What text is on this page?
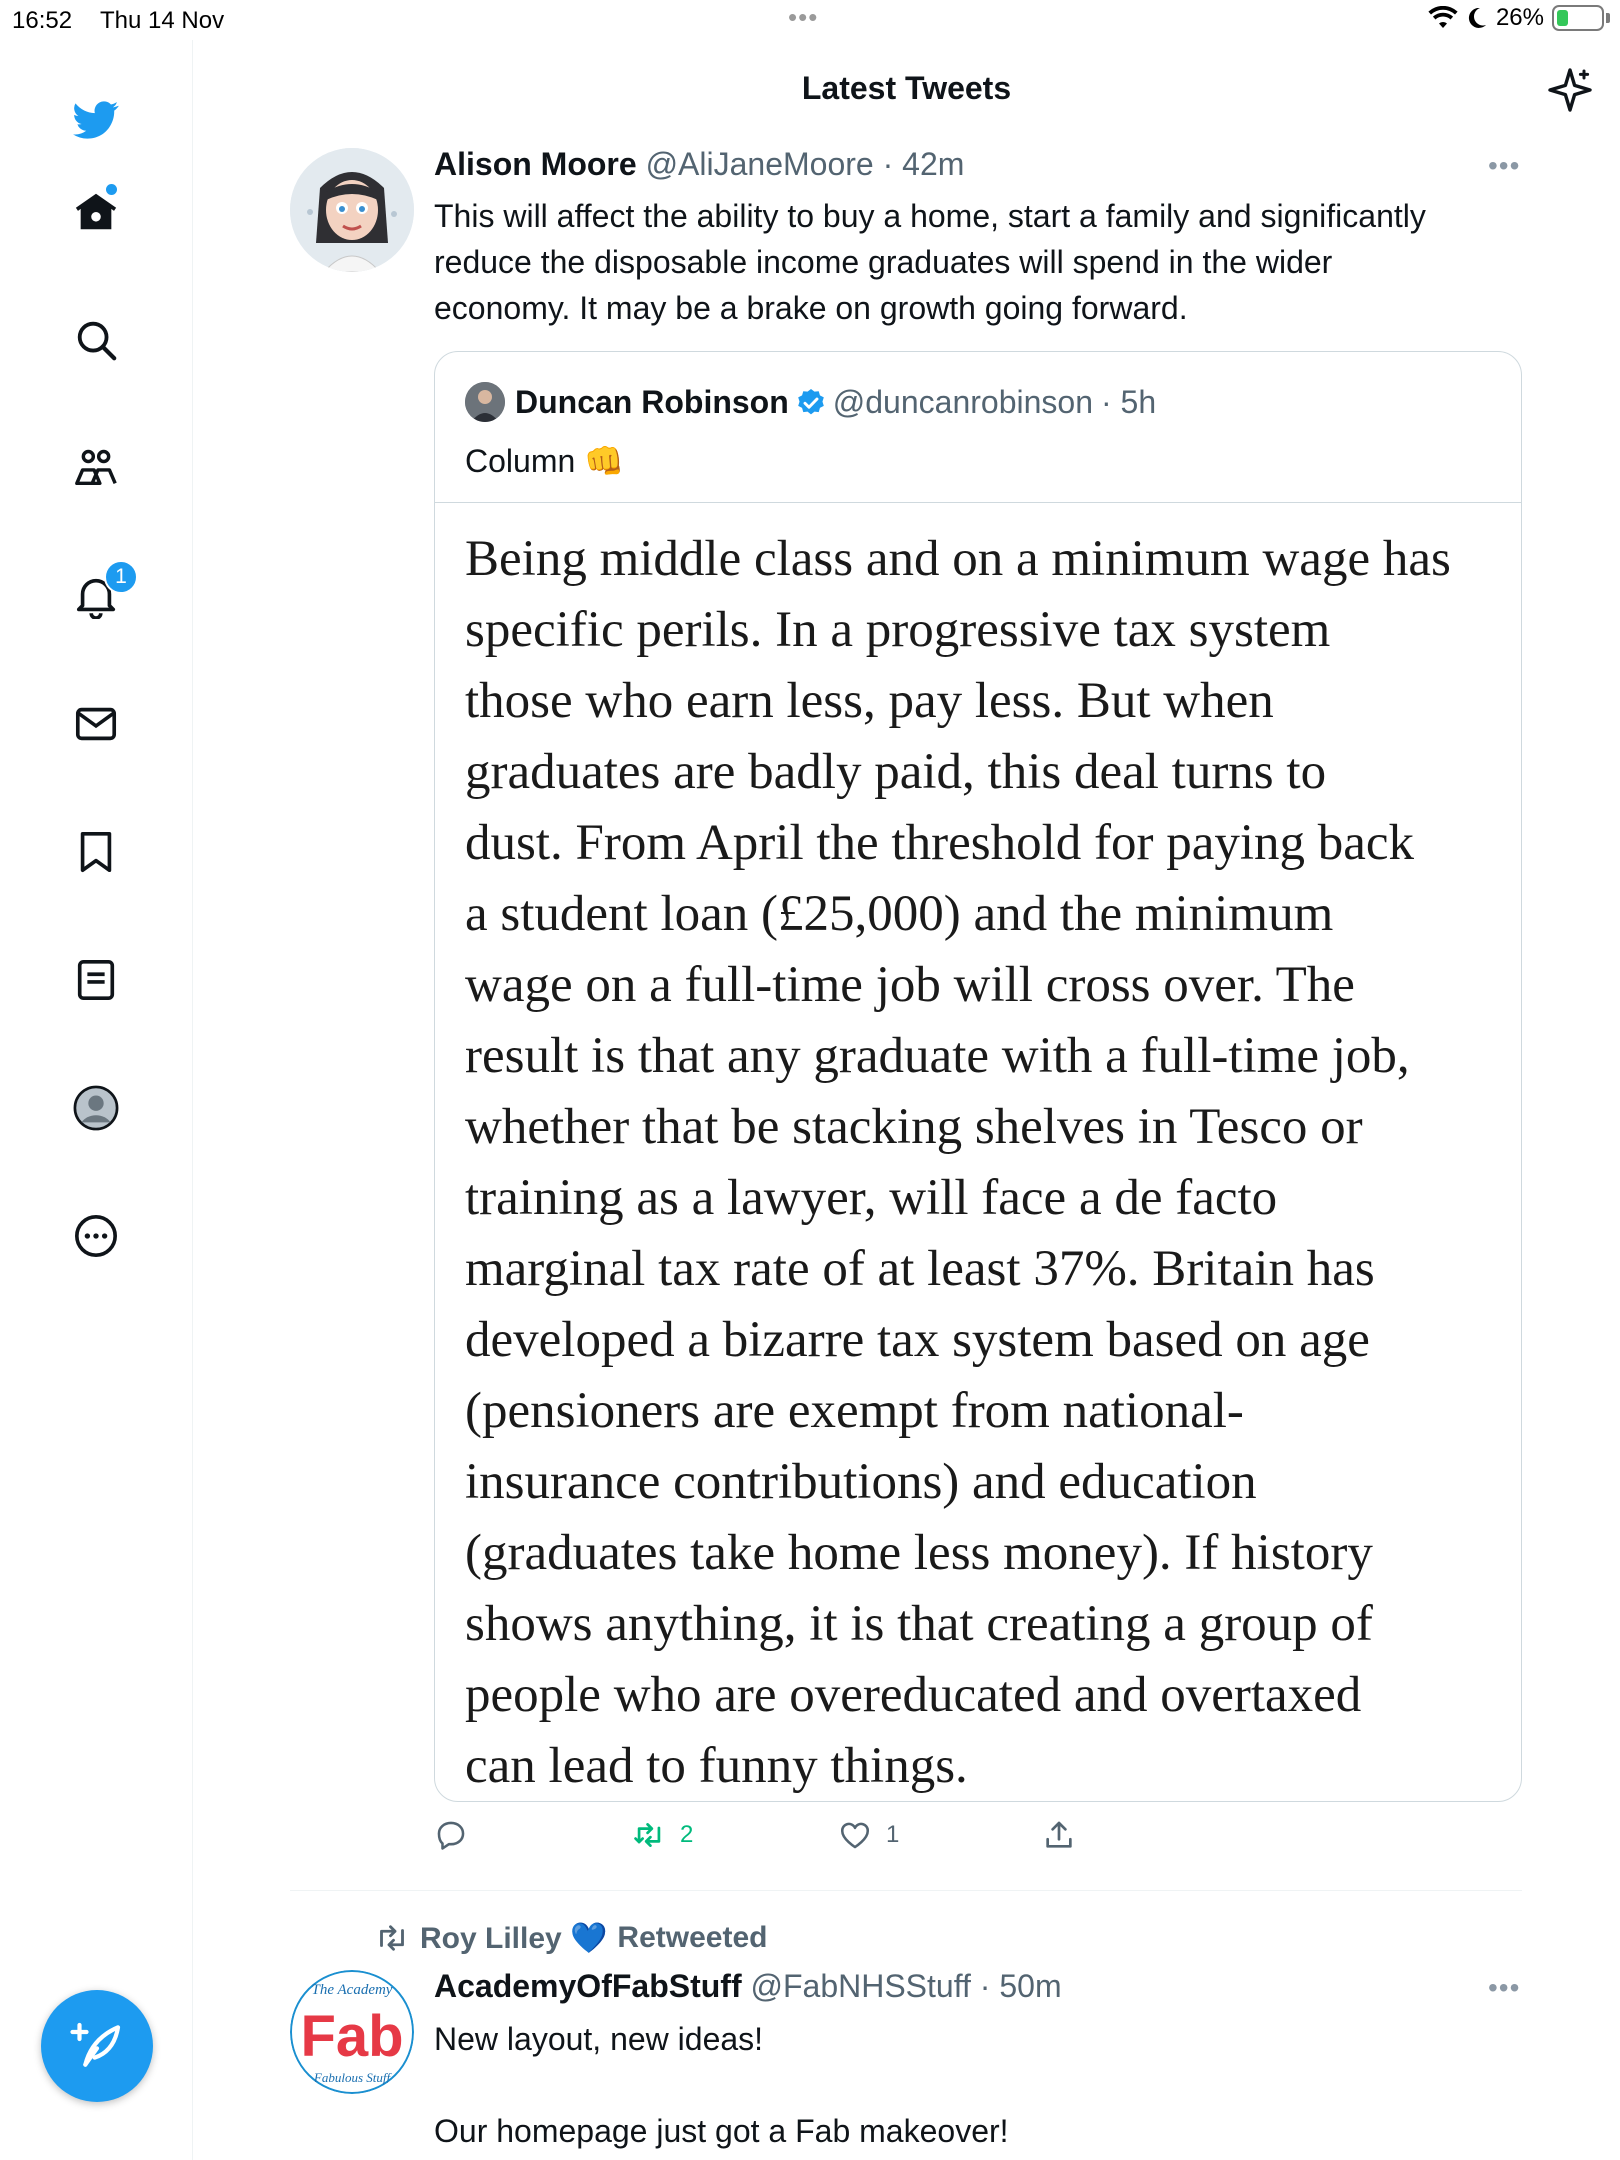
16:52 Thu 14 Nov	•••	26% ⚡
1
Latest Tweets
Alison Moore @AliJaneMoore · 42m	•••
This will affect the ability to buy a home, start a family and significantly
reduce the disposable income graduates will spend in the wider
economy. It may be a brake on growth going forward.
Duncan Robinson @duncanrobinson · 5h
Column 👊
Being middle class and on a minimum wage has
specific perils. In a progressive tax system
those who earn less, pay less. But when
graduates are badly paid, this deal turns to
dust. From April the threshold for paying back
a student loan (£25,000) and the minimum
wage on a full-time job will cross over. The
result is that any graduate with a full-time job,
whether that be stacking shelves in Tesco or
training as a lawyer, will face a de facto
marginal tax rate of at least 37%. Britain has
developed a bizarre tax system based on age
(pensioners are exempt from national-
insurance contributions) and education
(graduates take home less money). If history
shows anything, it is that creating a group of
people who are overeducated and overtaxed
can lead to funny things.
2	1
Roy Lilley 💙 Retweeted
The Academy
Fab
Fabulous Stuff
AcademyOfFabStuff @FabNHSStuff · 50m	•••
New layout, new ideas!
Our homepage just got a Fab makeover!
